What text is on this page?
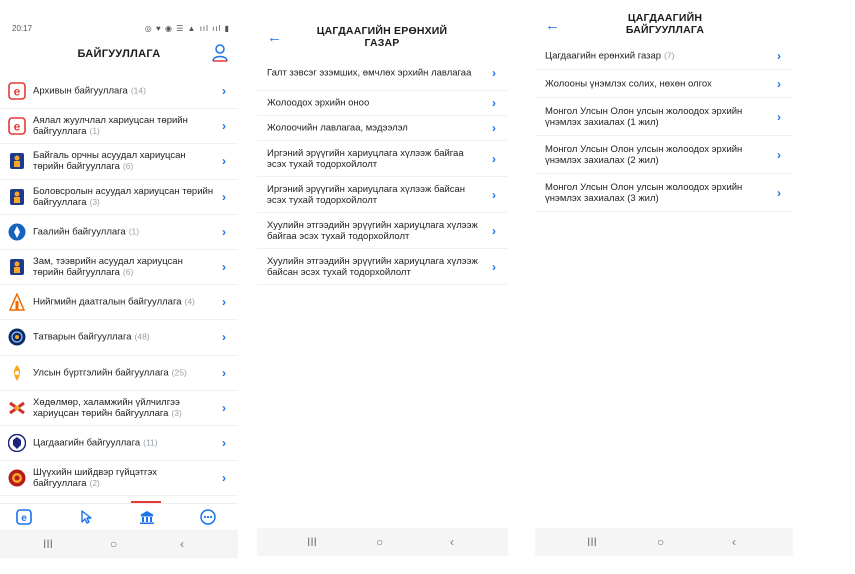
20:17	◎ ♥ ◉ ☰ ▲ ııl ııl ▮
БАЙГУУЛЛАГА
e Архивын байгууллага (14)	›
e Аялал жуулчлал хариуцсан төрийн байгууллага (1)	›
Байгаль орчны асуудал хариуцсан төрийн байгууллага (6)	›
Боловсролын асуудал хариуцсан төрийн байгууллага (3)	›
Гаалийн байгууллага (1)	›
Зам, тээврийн асуудал хариуцсан төрийн байгууллага (6)	›
Нийгмийн даатгалын байгууллага (4)	›
Татварын байгууллага (48)	›
Улсын бүртгэлийн байгууллага (25)	›
Хөдөлмөр, халамжийн үйлчилгээ хариуцсан төрийн байгууллага (3)	›
Цагдаагийн байгууллага (11)	›
Шүүхийн шийдвэр гүйцэтгэх байгууллага (2)	›
e
III	○	‹
←	ЦАГДААГИЙН ЕРӨНХИЙ ГАЗАР
Галт зэвсэг эзэмших, өмчлөх эрхийн лавлагаа	›
Жолоодох эрхийн оноо	›
Жолоочийн лавлагаа, мэдээлэл	›
Иргэний эрүүгийн хариуцлага хүлээж байгаа эсэх тухай тодорхойлолт	›
Иргэний эрүүгийн хариуцлага хүлээж байсан эсэх тухай тодорхойлолт	›
Хуулийн этгээдийн эрүүгийн хариуцлага хүлээж байгаа эсэх тухай тодорхойлолт	›
Хуулийн этгээдийн эрүүгийн хариуцлага хүлээж байсан эсэх тухай тодорхойлолт	›
III	○	‹
←	ЦАГДААГИЙН БАЙГУУЛЛАГА
Цагдаагийн ерөнхий газар (7)	›
Жолооны үнэмлэх солих, нөхөн олгох	›
Монгол Улсын Олон улсын жолоодох эрхийн үнэмлэх захиалах (1 жил)	›
Монгол Улсын Олон улсын жолоодох эрхийн үнэмлэх захиалах (2 жил)	›
Монгол Улсын Олон улсын жолоодох эрхийн үнэмлэх захиалах (3 жил)	›
III	○	‹
